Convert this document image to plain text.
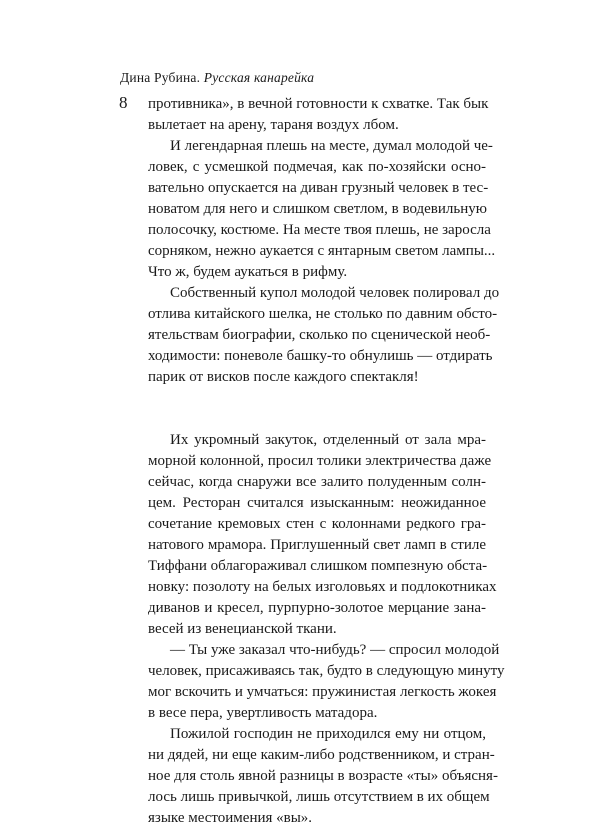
Дина Рубина. Русская канарейка
8 противника», в вечной готовности к схватке. Так бык
вылетает на арену, тараня воздух лбом.

И легендарная плешь на месте, думал молодой че-
ловек, с усмешкой подмечая, как по-хозяйски осно-
вательно опускается на диван грузный человек в тес-
новатом для него и слишком светлом, в водевильную
полосочку, костюме. На месте твоя плешь, не заросла
сорняком, нежно аукается с янтарным светом лампы...
Что ж, будем аукаться в рифму.

Собственный купол молодой человек полировал до
отлива китайского шелка, не столько по давним обсто-
ятельствам биографии, сколько по сценической необ-
ходимости: поневоле башку-то обнулишь — отдирать
парик от висков после каждого спектакля!

Их укромный закуток, отделенный от зала мра-
морной колонной, просил толики электричества даже
сейчас, когда снаружи все залито полуденным солн-
цем. Ресторан считался изысканным: неожиданное
сочетание кремовых стен с колоннами редкого гра-
натового мрамора. Приглушенный свет ламп в стиле
Тиффани облагораживал слишком помпезную обста-
новку: позолоту на белых изголовьях и подлокотниках
диванов и кресел, пурпурно-золотое мерцание зана-
весей из венецианской ткани.

— Ты уже заказал что-нибудь? — спросил молодой
человек, присаживаясь так, будто в следующую минуту
мог вскочить и умчаться: пружинистая легкость жокея
в весе пера, увертливость матадора.

Пожилой господин не приходился ему ни отцом,
ни дядей, ни еще каким-либо родственником, и стран-
ное для столь явной разницы в возрасте «ты» объясня-
лось лишь привычкой, лишь отсутствием в их общем
языке местоимения «вы».
